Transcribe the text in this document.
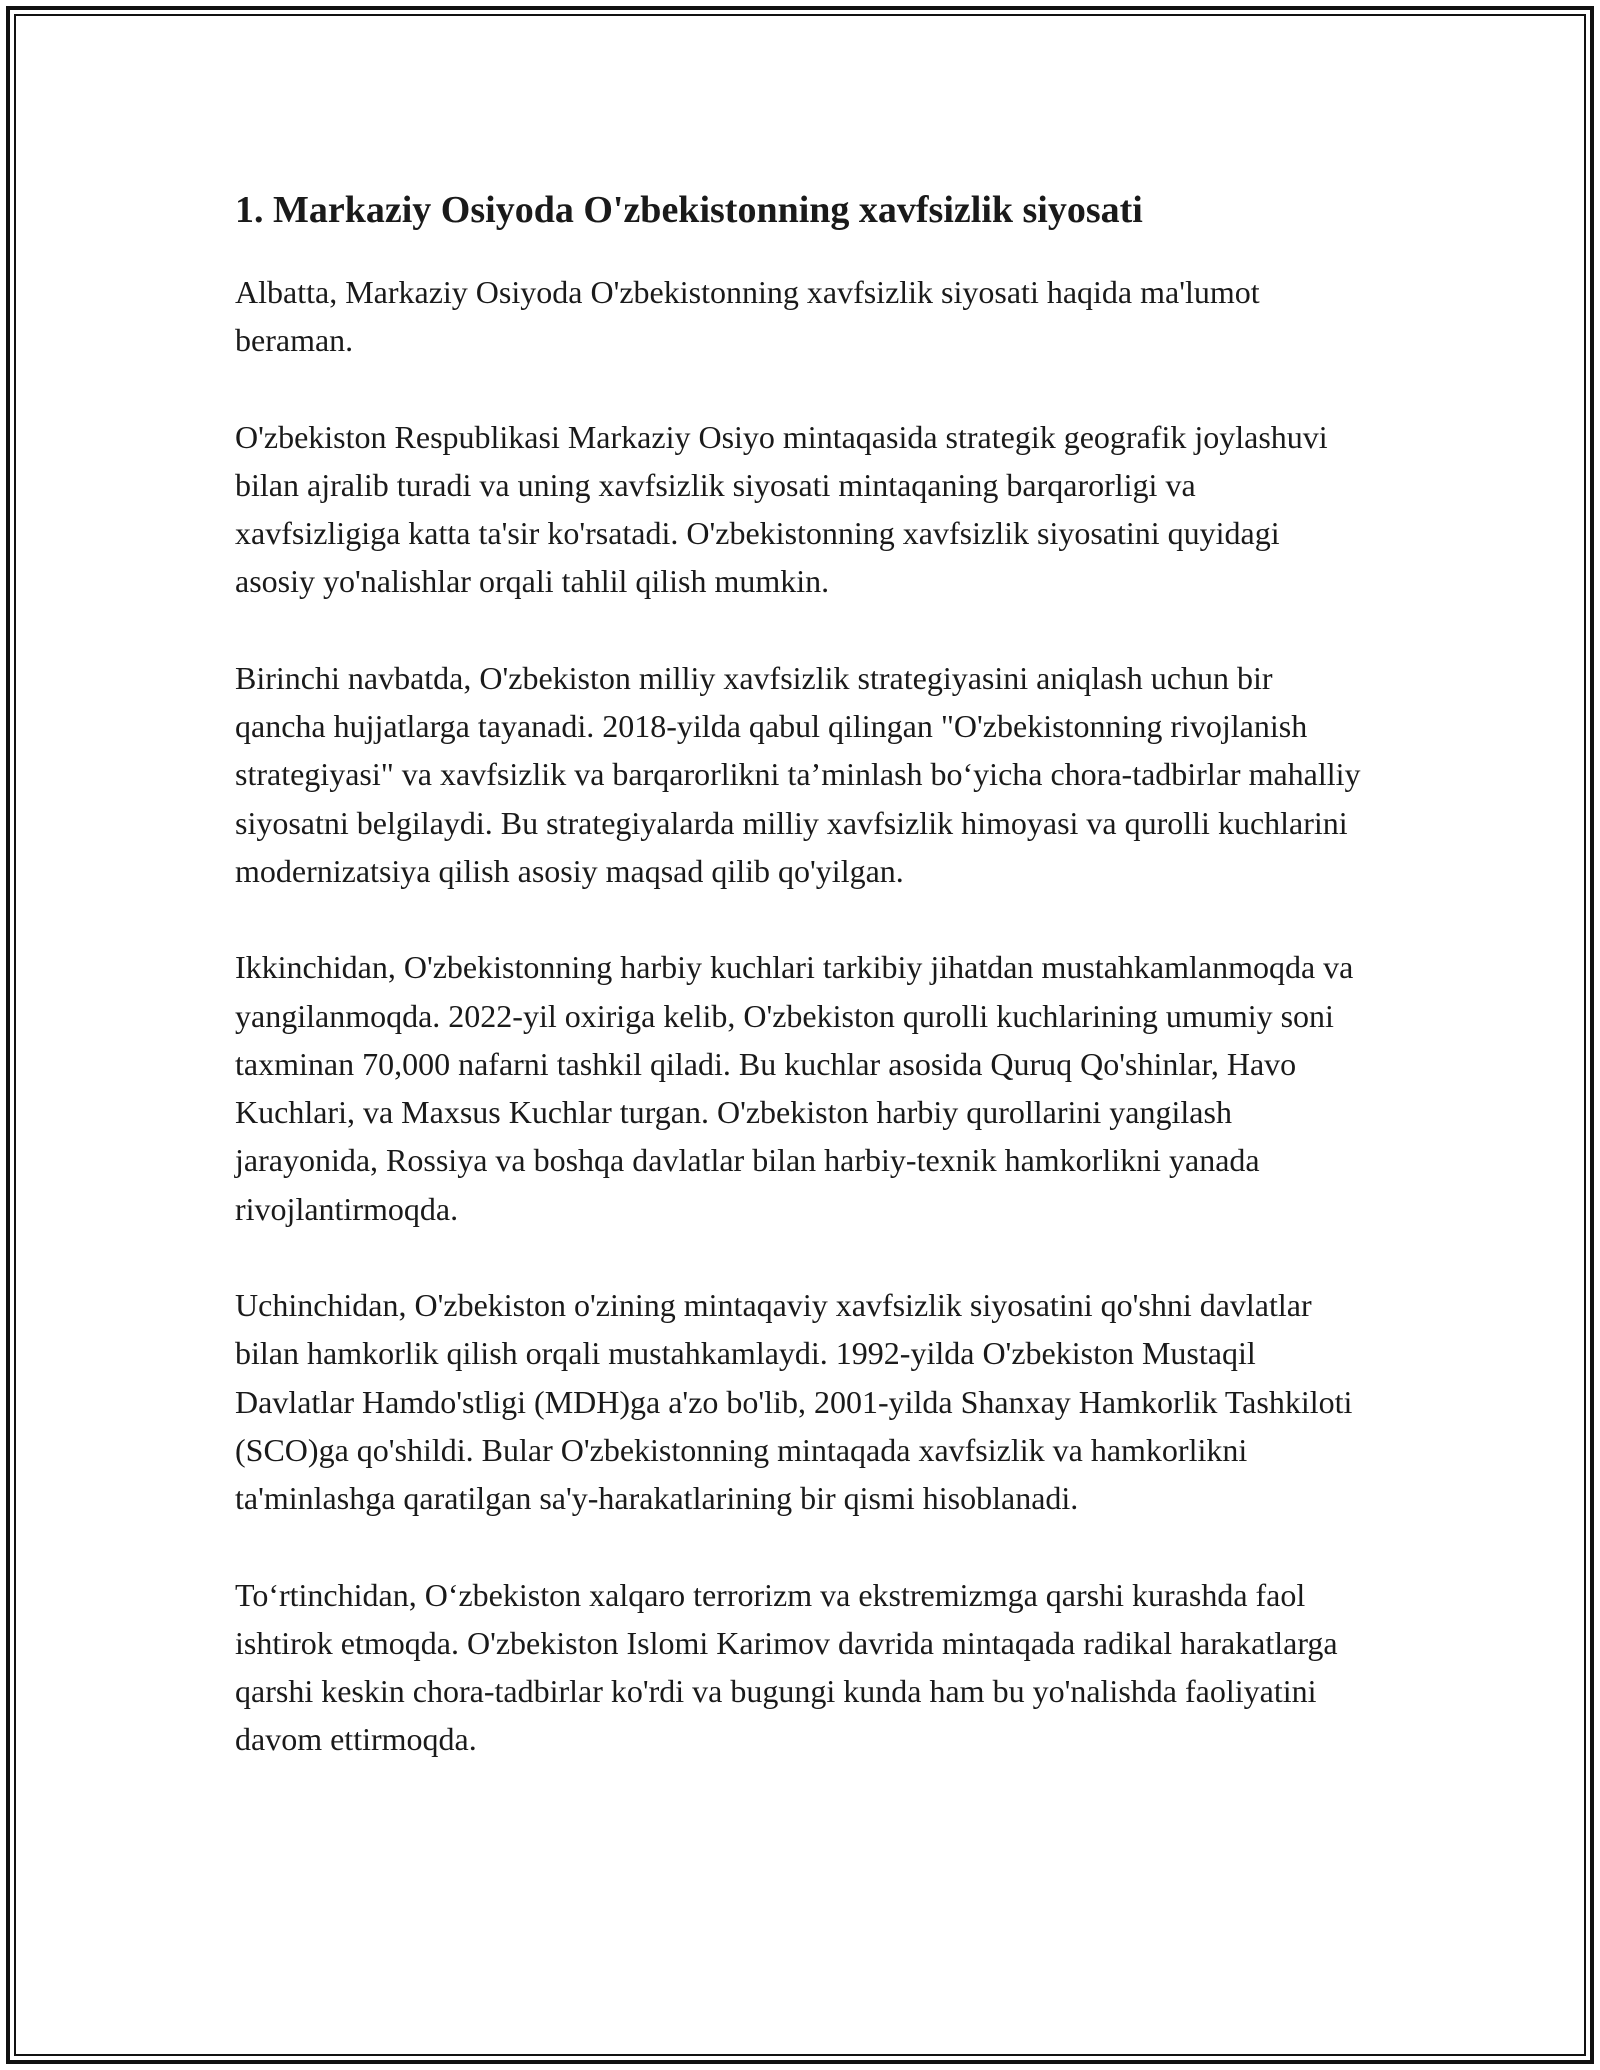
1. Markaziy Osiyoda O'zbekistonning xavfsizlik siyosati

Albatta, Markaziy Osiyoda O'zbekistonning xavfsizlik siyosati haqida ma'lumot beraman.

O'zbekiston Respublikasi Markaziy Osiyo mintaqasida strategik geografik joylashuvi bilan ajralib turadi va uning xavfsizlik siyosati mintaqaning barqarorligi va xavfsizligiga katta ta'sir ko'rsatadi. O'zbekistonning xavfsizlik siyosatini quyidagi asosiy yo'nalishlar orqali tahlil qilish mumkin.

Birinchi navbatda, O'zbekiston milliy xavfsizlik strategiyasini aniqlash uchun bir qancha hujjatlarga tayanadi. 2018-yilda qabul qilingan "O'zbekistonning rivojlanish strategiyasi" va xavfsizlik va barqarorlikni ta’minlash bo‘yicha chora-tadbirlar mahalliy siyosatni belgilaydi. Bu strategiyalarda milliy xavfsizlik himoyasi va qurolli kuchlarini modernizatsiya qilish asosiy maqsad qilib qo'yilgan.

Ikkinchidan, O'zbekistonning harbiy kuchlari tarkibiy jihatdan mustahkamlanmoqda va yangilanmoqda. 2022-yil oxiriga kelib, O'zbekiston qurolli kuchlarining umumiy soni taxminan 70,000 nafarni tashkil qiladi. Bu kuchlar asosida Quruq Qo'shinlar, Havo Kuchlari, va Maxsus Kuchlar turgan. O'zbekiston harbiy qurollarini yangilash jarayonida, Rossiya va boshqa davlatlar bilan harbiy-texnik hamkorlikni yanada rivojlantirmoqda.

Uchinchidan, O'zbekiston o'zining mintaqaviy xavfsizlik siyosatini qo'shni davlatlar bilan hamkorlik qilish orqali mustahkamlaydi. 1992-yilda O'zbekiston Mustaqil Davlatlar Hamdo'stligi (MDH)ga a'zo bo'lib, 2001-yilda Shanxay Hamkorlik Tashkiloti (SCO)ga qo'shildi. Bular O'zbekistonning mintaqada xavfsizlik va hamkorlikni ta'minlashga qaratilgan sa'y-harakatlarining bir qismi hisoblanadi.

To‘rtinchidan, O‘zbekiston xalqaro terrorizm va ekstremizmga qarshi kurashda faol ishtirok etmoqda. O'zbekiston Islomi Karimov davrida mintaqada radikal harakatlarga qarshi keskin chora-tadbirlar ko'rdi va bugungi kunda ham bu yo'nalishda faoliyatini davom ettirmoqda.
